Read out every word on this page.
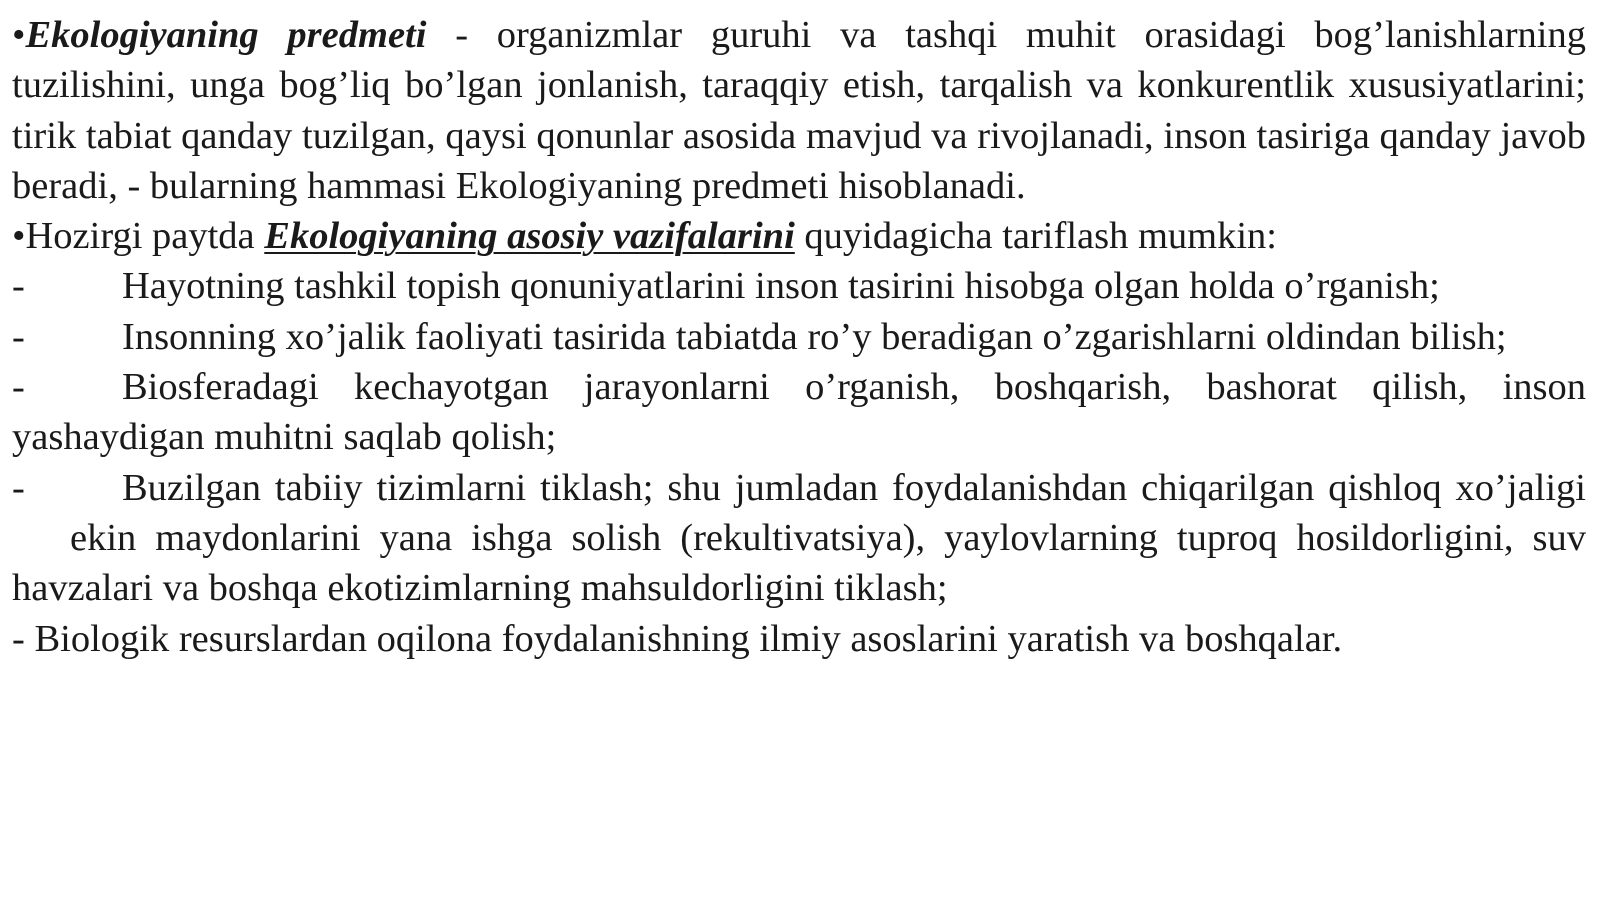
•Ekologiyaning predmeti - organizmlar guruhi va tashqi muhit orasidagi bog’lanishlarning tuzilishini, unga bog’liq bo’lgan jonlanish, taraqqiy etish, tarqalish va konkurentlik xususiyatlarini; tirik tabiat qanday tuzilgan, qaysi qonunlar asosida mavjud va rivojlanadi, inson tasiriga qanday javob beradi, - bularning hammasi Ekologiyaning predmeti hisoblanadi.

•Hozirgi paytda Ekologiyaning asosiy vazifalarini quyidagicha tariflash mumkin:

-	Hayotning tashkil topish qonuniyatlarini inson tasirini hisobga olgan holda o’rganish;

-	Insonning xo’jalik faoliyati tasirida tabiatda ro’y beradigan o’zgarishlarni oldindan bilish;

-	Biosferadagi kechayotgan jarayonlarni o’rganish, boshqarish, bashorat qilish, inson yashaydigan muhitni saqlab qolish;

-	Buzilgan tabiiy tizimlarni tiklash; shu jumladan foydalanishdan chiqarilgan qishloq xo’jaligiekin maydonlarini yana ishga solish (rekultivatsiya), yaylovlarning tuproq hosildorligini, suv havzalari va boshqa ekotizimlarning mahsuldorligini tiklash;

- Biologik resurslardan oqilona foydalanishning ilmiy asoslarini yaratish va boshqalar.
